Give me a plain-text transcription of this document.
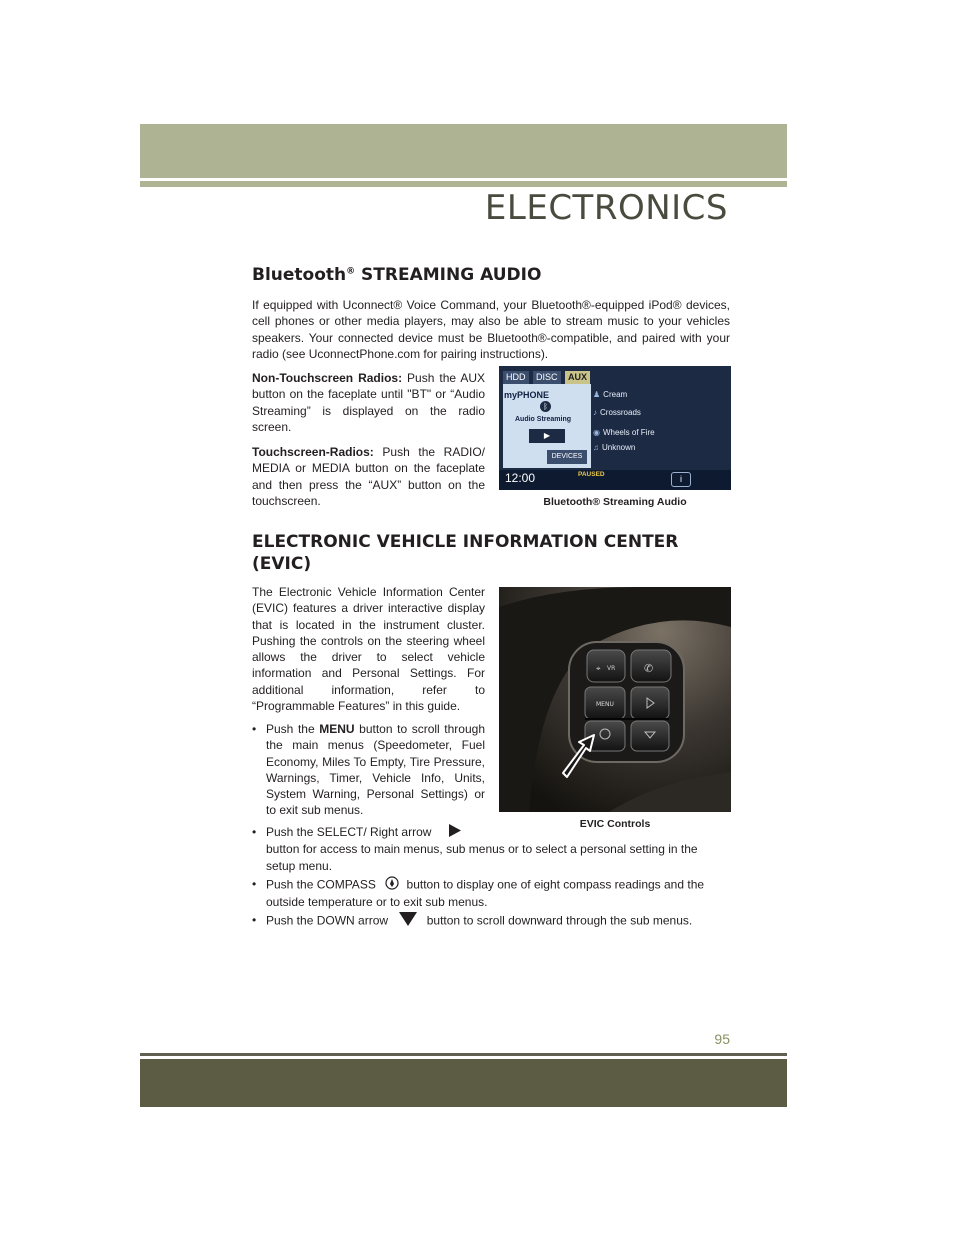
ELECTRONICS
Bluetooth® STREAMING AUDIO

If equipped with Uconnect® Voice Command, your Bluetooth®-equipped iPod® devices, cell phones or other media players, may also be able to stream music to your vehicles speakers. Your connected device must be Bluetooth®-compatible, and paired with your radio (see UconnectPhone.com for pairing instructions).

Non-Touchscreen Radios: Push the AUX button on the faceplate until "BT" or “Audio Streaming” is displayed on the radio screen.

Touchscreen-Radios: Push the RADIO/ MEDIA or MEDIA button on the faceplate and then press the “AUX” button on the touchscreen.

HDD	DISC	AUX
myPHONE
ᛒ
Audio Streaming
▶
DEVICES
♟ Cream
♪ Crossroads
◉ Wheels of Fire
♫ Unknown
12:00	PAUSED	i
Bluetooth® Streaming Audio
ELECTRONIC VEHICLE INFORMATION CENTER
(EVIC)

The Electronic Vehicle Information Center (EVIC) features a driver interactive display that is located in the instrument cluster. Pushing the controls on the steering wheel allows the driver to select vehicle information and Personal Settings. For additional information, refer to “Programmable Features” in this guide.

⌖ VR	✆
MENU
EVIC Controls
• Push the MENU button to scroll through the main menus (Speedometer, Fuel Economy, Miles To Empty, Tire Pressure, Warnings, Timer, Vehicle Info, Units, System Warning, Personal Settings) or to exit sub menus.
• Push the SELECT/ Right arrow
button for access to main menus, sub menus or to select a personal setting in the setup menu.
• Push the COMPASS	button to display one of eight compass readings and the outside temperature or to exit sub menus.
• Push the DOWN arrow	button to scroll downward through the sub menus.
95
